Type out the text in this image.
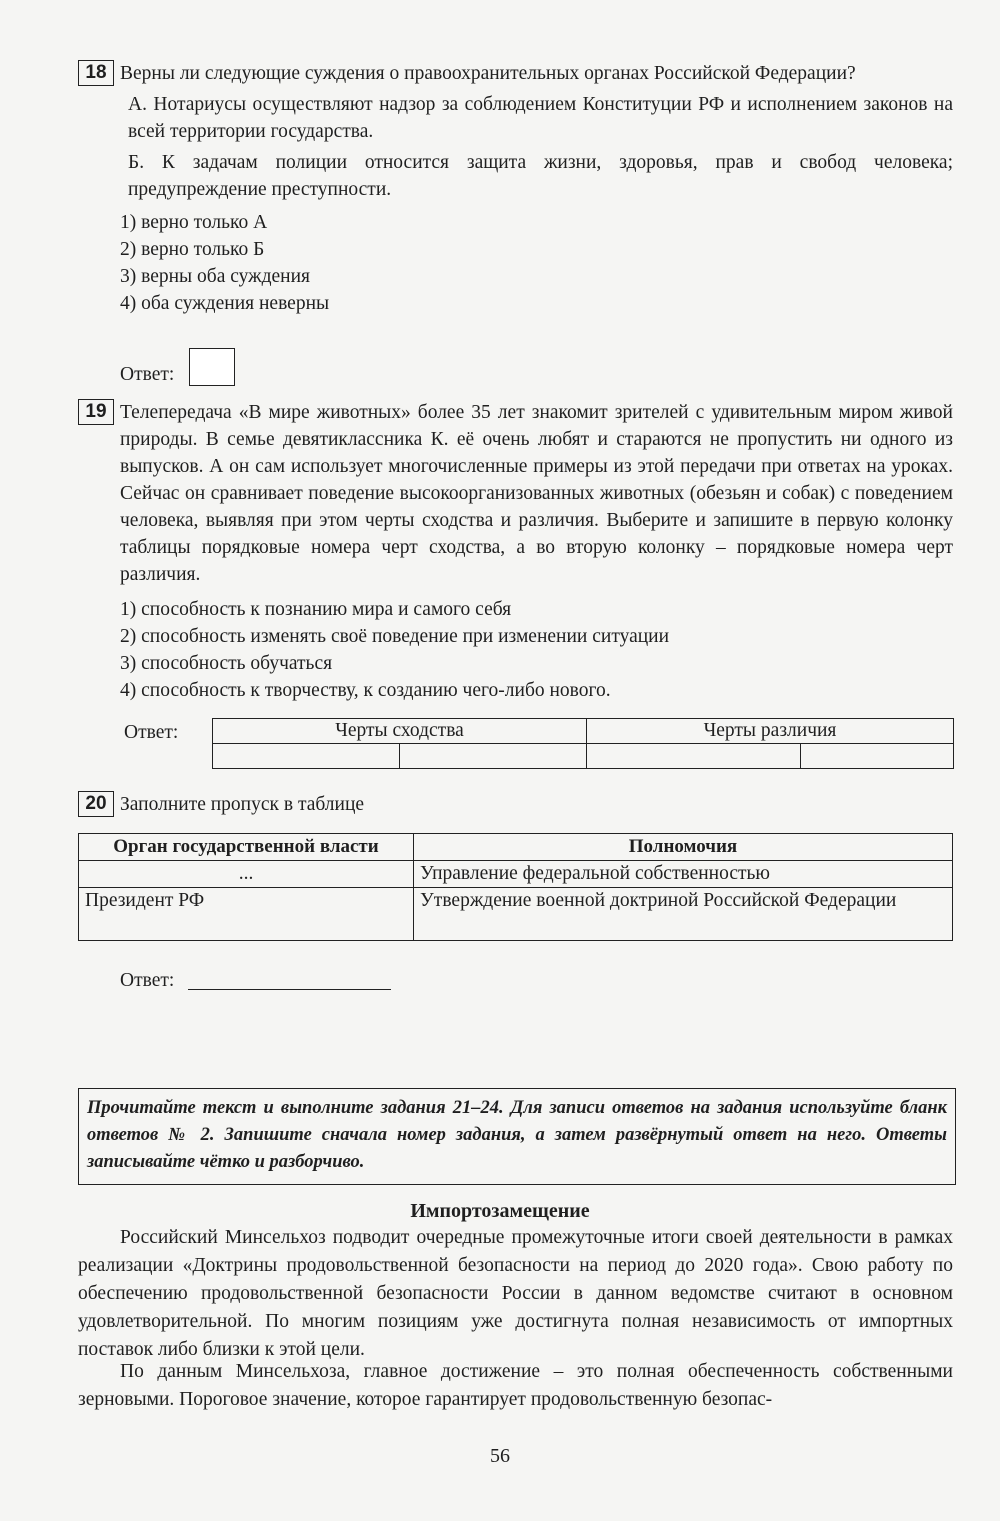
18 Верны ли следующие суждения о правоохранительных органах Российской Федерации?
А. Нотариусы осуществляют надзор за соблюдением Конституции РФ и исполнением законов на всей территории государства.
Б. К задачам полиции относится защита жизни, здоровья, прав и свобод человека; предупреждение преступности.
1) верно только А
2) верно только Б
3) верны оба суждения
4) оба суждения неверны
Ответ:
19 Телепередача «В мире животных» более 35 лет знакомит зрителей с удивительным миром живой природы. В семье девятиклассника К. её очень любят и стараются не пропустить ни одного из выпусков. А он сам использует многочисленные примеры из этой передачи при ответах на уроках. Сейчас он сравнивает поведение высокоорганизованных животных (обезьян и собак) с поведением человека, выявляя при этом черты сходства и различия. Выберите и запишите в первую колонку таблицы порядковые номера черт сходства, а во вторую колонку – порядковые номера черт различия.
1) способность к познанию мира и самого себя
2) способность изменять своё поведение при изменении ситуации
3) способность обучаться
4) способность к творчеству, к созданию чего-либо нового.
Ответ:	Черты сходства		Черты различия	

20 Заполните пропуск в таблице
Орган государственной власти	Полномочия
...	Управление федеральной собственностью
Президент РФ	Утверждение военной доктриной Российской Федерации
Ответ:
Прочитайте текст и выполните задания 21–24. Для записи ответов на задания используйте бланк ответов № 2. Запишите сначала номер задания, а затем развёрнутый ответ на него. Ответы записывайте чётко и разборчиво.
Импортозамещение
Российский Минсельхоз подводит очередные промежуточные итоги своей деятельности в рамках реализации «Доктрины продовольственной безопасности на период до 2020 года». Свою работу по обеспечению продовольственной безопасности России в данном ведомстве считают в основном удовлетворительной. По многим позициям уже достигнута полная независимость от импортных поставок либо близки к этой цели.
По данным Минсельхоза, главное достижение – это полная обеспеченность собственными зерновыми. Пороговое значение, которое гарантирует продовольственную безопас-
56
